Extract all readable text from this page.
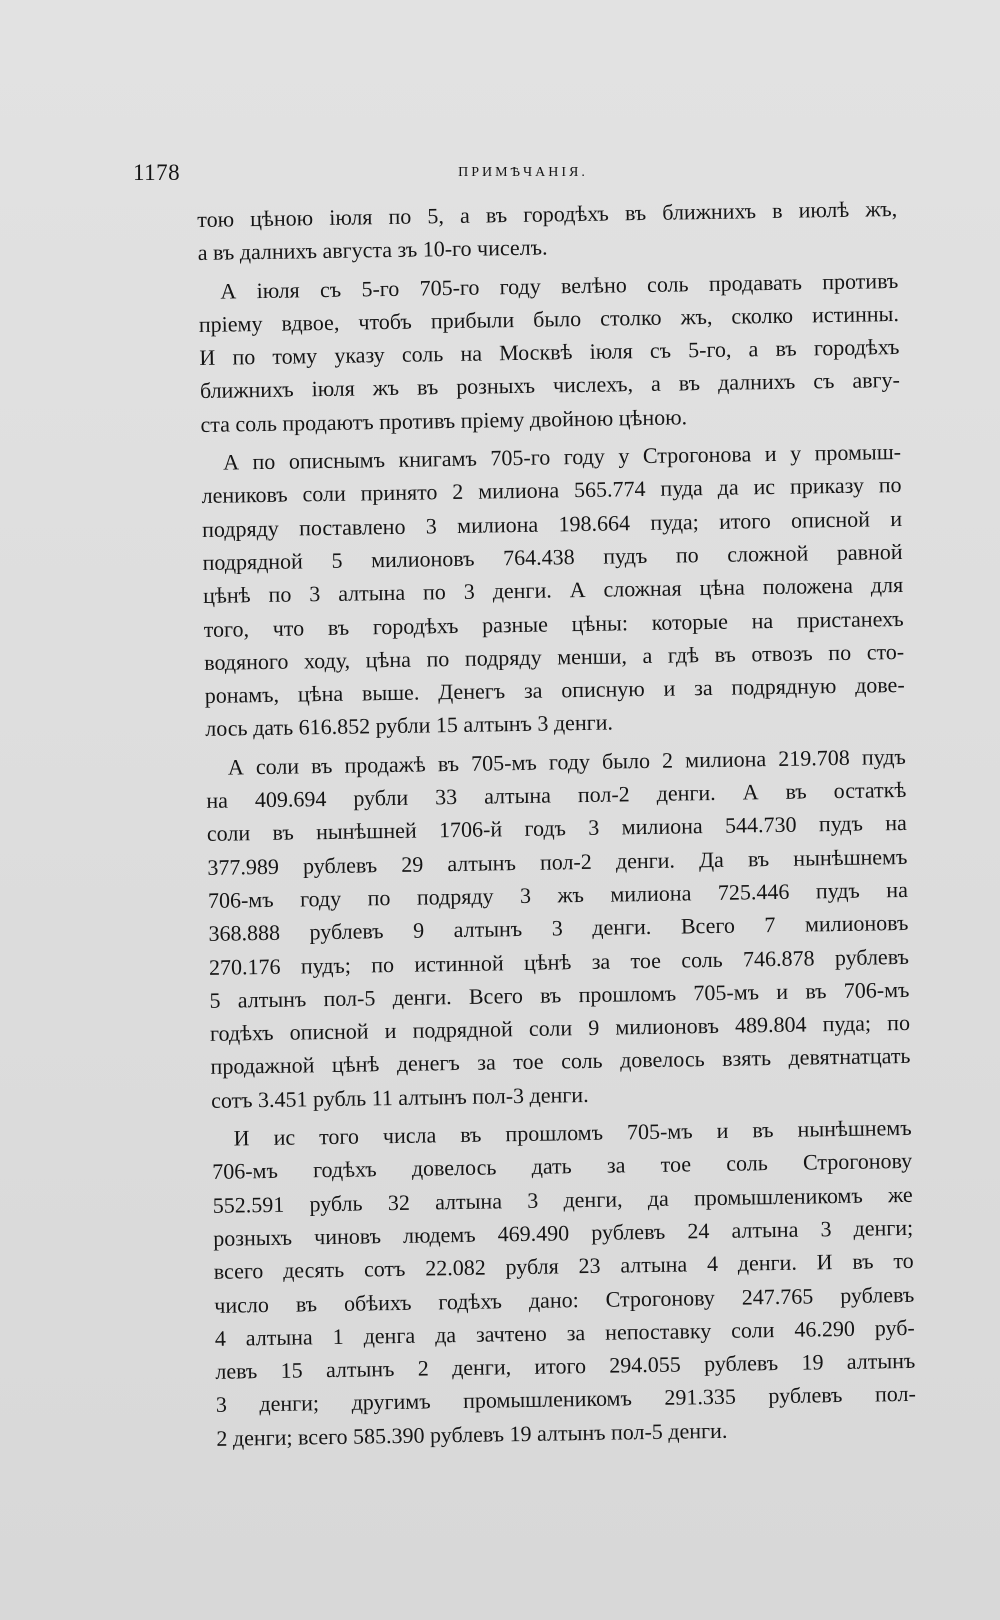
1178	ПРИМѢЧАНІЯ.

тою цѣною іюля по 5, а въ городѣхъ въ ближнихъ в июлѣ жъ,
а въ далнихъ августа зъ 10-го чиселъ.

А іюля съ 5-го 705-го году велѣно соль продавать противъ
пріему вдвое, чтобъ прибыли было столко жъ, сколко истинны.
И по тому указу соль на Москвѣ іюля съ 5-го, а въ городѣхъ
ближнихъ іюля жъ въ розныхъ числехъ, а въ далнихъ съ авгу-
ста соль продаютъ противъ пріему двойною цѣною.

А по описнымъ книгамъ 705-го году у Строгонова и у промыш-
лениковъ соли принято 2 милиона 565.774 пуда да ис приказу по
подряду поставлено 3 милиона 198.664 пуда; итого описной и
подрядной 5 милионовъ 764.438 пудъ по сложной равной
цѣнѣ по 3 алтына по 3 денги. А сложная цѣна положена для
того, что въ городѣхъ разные цѣны: которые на пристанехъ
водяного ходу, цѣна по подряду менши, а гдѣ въ отвозъ по сто-
ронамъ, цѣна выше. Денегъ за описную и за подрядную дове-
лось дать 616.852 рубли 15 алтынъ 3 денги.

А соли въ продажѣ въ 705-мъ году было 2 милиона 219.708 пудъ
на 409.694 рубли 33 алтына пол-2 денги. А въ остаткѣ
соли въ нынѣшней 1706-й годъ 3 милиона 544.730 пудъ на
377.989 рублевъ 29 алтынъ пол-2 денги. Да въ нынѣшнемъ
706-мъ году по подряду 3 жъ милиона 725.446 пудъ на
368.888 рублевъ 9 алтынъ 3 денги. Всего 7 милионовъ
270.176 пудъ; по истинной цѣнѣ за тое соль 746.878 рублевъ
5 алтынъ пол-5 денги. Всего въ прошломъ 705-мъ и въ 706-мъ
годѣхъ описной и подрядной соли 9 милионовъ 489.804 пуда; по
продажной цѣнѣ денегъ за тое соль довелось взять девятнатцать
сотъ 3.451 рубль 11 алтынъ пол-3 денги.

И ис того числа въ прошломъ 705-мъ и въ нынѣшнемъ
706-мъ годѣхъ довелось дать за тое соль Строгонову
552.591 рубль 32 алтына 3 денги, да промышленикомъ же
розныхъ чиновъ людемъ 469.490 рублевъ 24 алтына 3 денги;
всего десять сотъ 22.082 рубля 23 алтына 4 денги. И въ то
число въ обѣихъ годѣхъ дано: Строгонову 247.765 рублевъ
4 алтына 1 денга да зачтено за непоставку соли 46.290 руб-
левъ 15 алтынъ 2 денги, итого 294.055 рублевъ 19 алтынъ
3 денги; другимъ промышленикомъ 291.335 рублевъ пол-
2 денги; всего 585.390 рублевъ 19 алтынъ пол-5 денги.
